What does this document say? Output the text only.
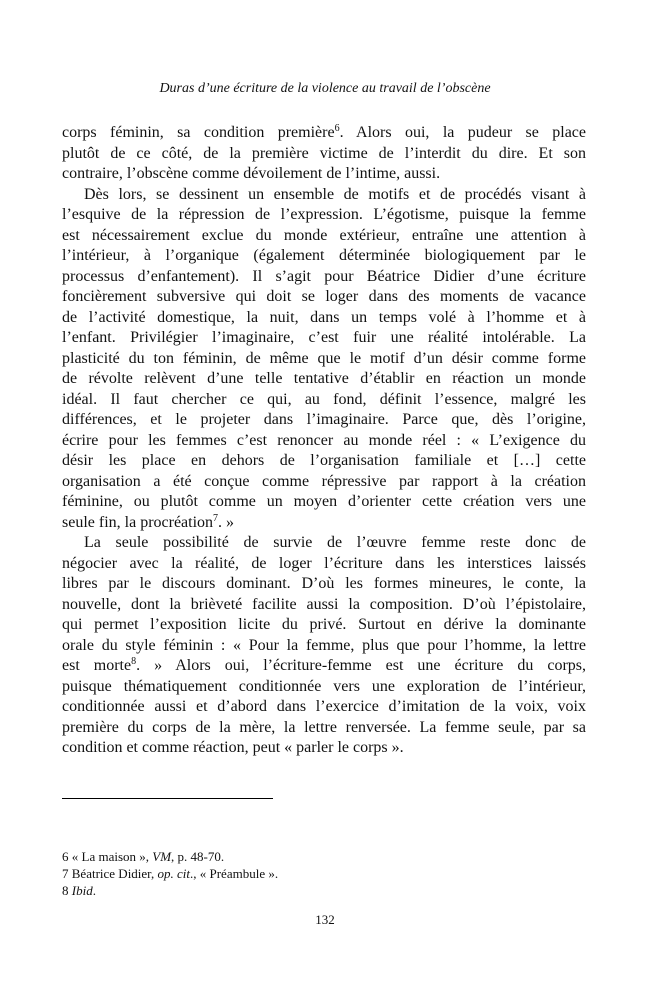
Duras d’une écriture de la violence au travail de l’obscène
corps féminin, sa condition première$^6$. Alors oui, la pudeur se place
plutôt de ce côté, de la première victime de l’interdit du dire. Et son
contraire, l’obscène comme dévoilement de l’intime, aussi.
Dès lors, se dessinent un ensemble de motifs et de procédés visant à
l’esquive de la répression de l’expression. L’égotisme, puisque la femme
est nécessairement exclue du monde extérieur, entraîne une attention à
l’intérieur, à l’organique (également déterminée biologiquement par le
processus d’enfantement). Il s’agit pour Béatrice Didier d’une écriture
foncièrement subversive qui doit se loger dans des moments de vacance
de l’activité domestique, la nuit, dans un temps volé à l’homme et à
l’enfant. Privilégier l’imaginaire, c’est fuir une réalité intolérable. La
plasticité du ton féminin, de même que le motif d’un désir comme forme
de révolte relèvent d’une telle tentative d’établir en réaction un monde
idéal. Il faut chercher ce qui, au fond, définit l’essence, malgré les
différences, et le projeter dans l’imaginaire. Parce que, dès l’origine,
écrire pour les femmes c’est renoncer au monde réel : « L’exigence du
désir les place en dehors de l’organisation familiale et […] cette
organisation a été conçue comme répressive par rapport à la création
féminine, ou plutôt comme un moyen d’orienter cette création vers une
seule fin, la procréation$^7$. »
La seule possibilité de survie de l’œuvre femme reste donc de
négocier avec la réalité, de loger l’écriture dans les interstices laissés
libres par le discours dominant. D’où les formes mineures, le conte, la
nouvelle, dont la brièveté facilite aussi la composition. D’où l’épistolaire,
qui permet l’exposition licite du privé. Surtout en dérive la dominante
orale du style féminin : « Pour la femme, plus que pour l’homme, la lettre
est morte$^8$. » Alors oui, l’écriture-femme est une écriture du corps,
puisque thématiquement conditionnée vers une exploration de l’intérieur,
conditionnée aussi et d’abord dans l’exercice d’imitation de la voix, voix
première du corps de la mère, la lettre renversée. La femme seule, par sa
condition et comme réaction, peut « parler le corps ».
6 « La maison », VM, p. 48-70.
7 Béatrice Didier, op. cit., « Préambule ».
8 Ibid.
132
